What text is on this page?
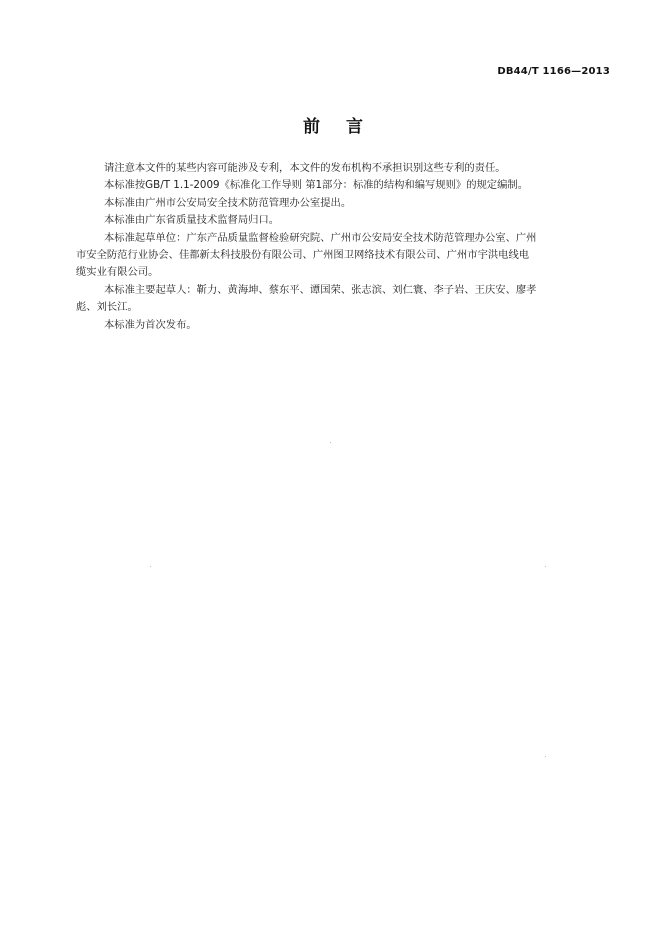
DB44/T 1166—2013
前言

请注意本文件的某些内容可能涉及专利，本文件的发布机构不承担识别这些专利的责任。

本标准按GB/T 1.1-2009《标准化工作导则 第1部分：标准的结构和编写规则》的规定编制。

本标准由广州市公安局安全技术防范管理办公室提出。

本标准由广东省质量技术监督局归口。

本标准起草单位：广东产品质量监督检验研究院、广州市公安局安全技术防范管理办公室、广州
市安全防范行业协会、佳都新太科技股份有限公司、广州图卫网络技术有限公司、广州市宇洪电线电
缆实业有限公司。

本标准主要起草人：靳力、黄海坤、蔡东平、谭国荣、张志滨、刘仁寰、李子岩、王庆安、廖孝
彪、刘长江。

本标准为首次发布。
